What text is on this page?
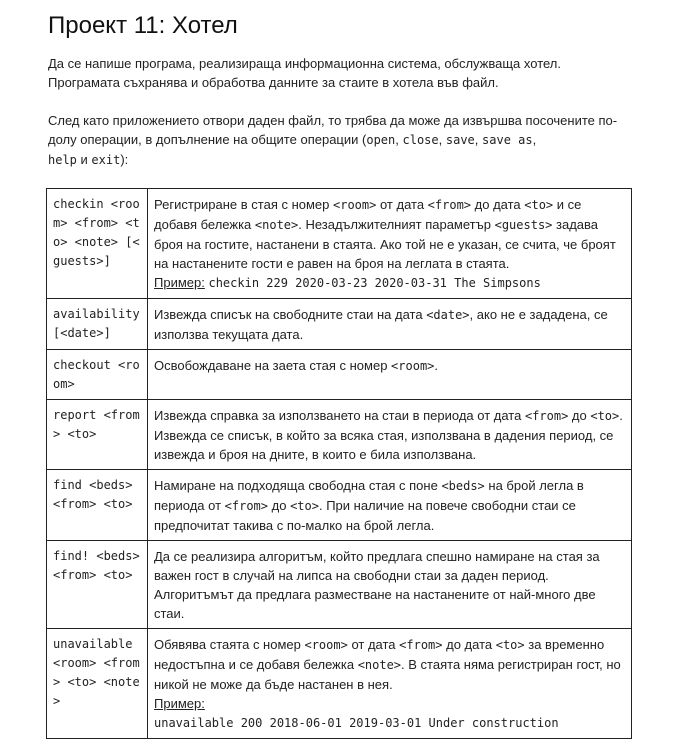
Проект 11: Хотел

Да се напише програма, реализираща информационна система, обслужваща хотел.
Програмата съхранява и обработва данните за стаите в хотела във файл.

След като приложението отвори даден файл, то трябва да може да извършва посочените по-долу операции, в допълнение на общите операции (open, close, save, save as,
help и exit):

checkin <room> <from> <to> <note> [<guests>]	Регистриране в стая с номер <room> от дата <from> до дата <to> и се добавя бележка <note>. Незадължителният параметър <guests> задава броя на гостите, настанени в стаята. Ако той не е указан, се счита, че броят на настанените гости е равен на броя на леглата в стаята.
Пример: checkin 229 2020-03-23 2020-03-31 The Simpsons

availability [<date>]	Извежда списък на свободните стаи на дата <date>, ако не е зададена, се използва текущата дата.

checkout <room>	Освобождаване на заета стая с номер <room>.

report <from> <to>	Извежда справка за използването на стаи в периода от дата <from> до <to>. Извежда се списък, в който за всяка стая, използвана в дадения период, се извежда и броя на дните, в които е била използвана.

find <beds> <from> <to>	Намиране на подходяща свободна стая с поне <beds> на брой легла в периода от <from> до <to>. При наличие на повече свободни стаи се предпочитат такива с по-малко на брой легла.

find! <beds> <from> <to>	Да се реализира алгоритъм, който предлага спешно намиране на стая за важен гост в случай на липса на свободни стаи за даден период. Алгоритъмът да предлага разместване на настанените от най-много две стаи.

unavailable <room> <from> <to> <note>	Обявява стаята с номер <room> от дата <from> до дата <to> за временно недостъпна и се добавя бележка <note>. В стаята няма регистриран гост, но никой не може да бъде настанен в нея.
Пример:
unavailable 200 2018-06-01 2019-03-01 Under construction
